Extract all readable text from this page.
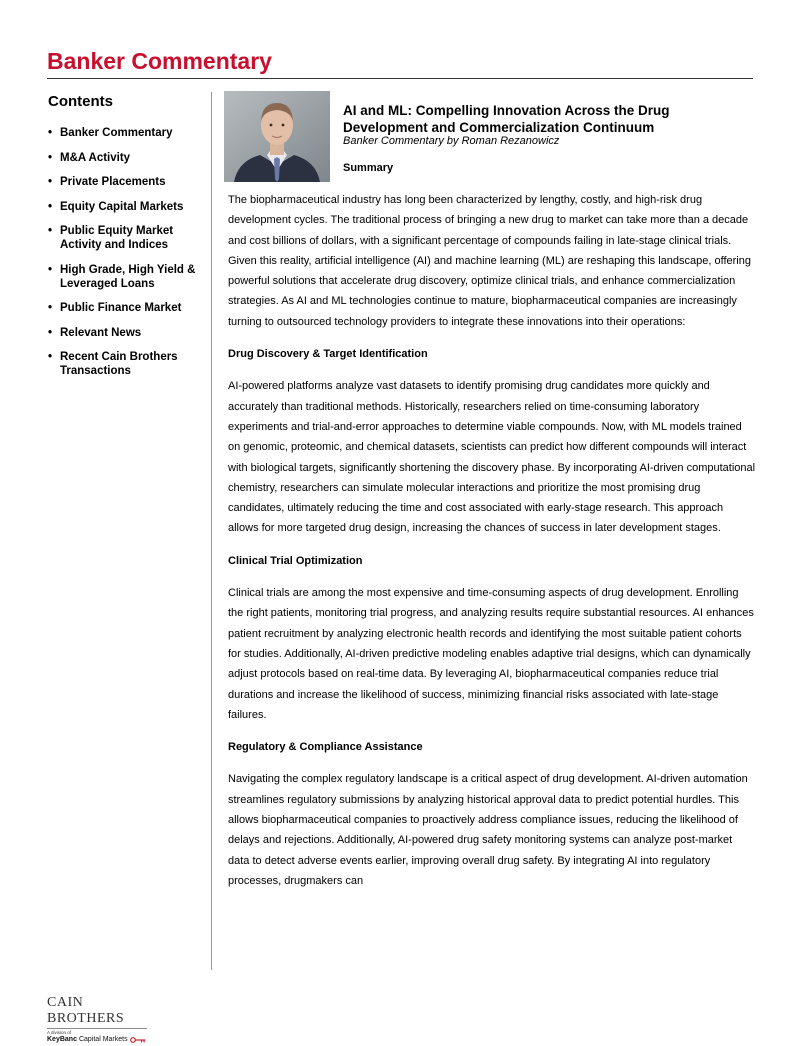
Banker Commentary
Contents
• Banker Commentary
• M&A Activity
• Private Placements
• Equity Capital Markets
• Public Equity Market Activity and Indices
• High Grade, High Yield & Leveraged Loans
• Public Finance Market
• Relevant News
• Recent Cain Brothers Transactions
AI and ML: Compelling Innovation Across the Drug Development and Commercialization Continuum
Banker Commentary by Roman Rezanowicz
Summary

The biopharmaceutical industry has long been characterized by lengthy, costly, and high-risk drug development cycles. The traditional process of bringing a new drug to market can take more than a decade and cost billions of dollars, with a significant percentage of compounds failing in late-stage clinical trials. Given this reality, artificial intelligence (AI) and machine learning (ML) are reshaping this landscape, offering powerful solutions that accelerate drug discovery, optimize clinical trials, and enhance commercialization strategies. As AI and ML technologies continue to mature, biopharmaceutical companies are increasingly turning to outsourced technology providers to integrate these innovations into their operations:

Drug Discovery & Target Identification

AI-powered platforms analyze vast datasets to identify promising drug candidates more quickly and accurately than traditional methods. Historically, researchers relied on time-consuming laboratory experiments and trial-and-error approaches to determine viable compounds. Now, with ML models trained on genomic, proteomic, and chemical datasets, scientists can predict how different compounds will interact with biological targets, significantly shortening the discovery phase. By incorporating AI-driven computational chemistry, researchers can simulate molecular interactions and prioritize the most promising drug candidates, ultimately reducing the time and cost associated with early-stage research. This approach allows for more targeted drug design, increasing the chances of success in later development stages.

Clinical Trial Optimization

Clinical trials are among the most expensive and time-consuming aspects of drug development. Enrolling the right patients, monitoring trial progress, and analyzing results require substantial resources. AI enhances patient recruitment by analyzing electronic health records and identifying the most suitable patient cohorts for studies. Additionally, AI-driven predictive modeling enables adaptive trial designs, which can dynamically adjust protocols based on real-time data. By leveraging AI, biopharmaceutical companies reduce trial durations and increase the likelihood of success, minimizing financial risks associated with late-stage failures.

Regulatory & Compliance Assistance

Navigating the complex regulatory landscape is a critical aspect of drug development. AI-driven automation streamlines regulatory submissions by analyzing historical approval data to predict potential hurdles. This allows biopharmaceutical companies to proactively address compliance issues, reducing the likelihood of delays and rejections. Additionally, AI-powered drug safety monitoring systems can analyze post-market data to detect adverse events earlier, improving overall drug safety. By integrating AI into regulatory processes, drugmakers can

CAIN BROTHERS
A division of
KeyBanc Capital Markets
